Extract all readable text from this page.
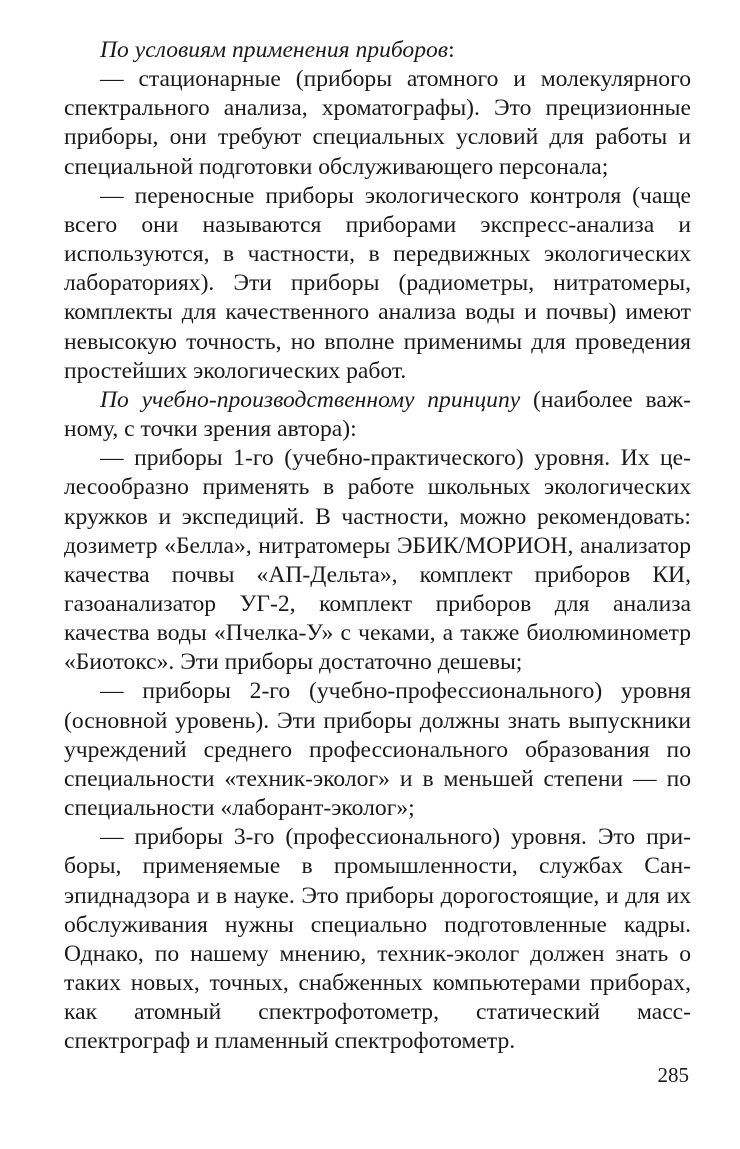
По условиям применения приборов:

— стационарные (приборы атомного и молекулярного спектрального анализа, хроматографы). Это прецизионные приборы, они требуют специальных условий для работы и специальной подготовки обслуживающего персонала;

— переносные приборы экологического контроля (чаще всего они называются приборами экспресс-анализа и используются, в частности, в передвижных экологических лабораториях). Эти приборы (радиометры, нитратомеры, комплекты для качественного анализа воды и почвы) имеют невысокую точность, но вполне применимы для проведения простейших экологических работ.

По учебно-производственному принципу (наиболее важному, с точки зрения автора):

— приборы 1-го (учебно-практического) уровня. Их целесообразно применять в работе школьных экологических кружков и экспедиций. В частности, можно рекомендовать: дозиметр «Белла», нитратомеры ЭБИК/МОРИОН, анализатор качества почвы «АП-Дельта», комплект приборов КИ, газоанализатор УГ-2, комплект приборов для анализа качества воды «Пчелка-У» с чеками, а также биолюминометр «Биотокс». Эти приборы достаточно дешевы;

— приборы 2-го (учебно-профессионального) уровня (основной уровень). Эти приборы должны знать выпускники учреждений среднего профессионального образования по специальности «техник-эколог» и в меньшей степени — по специальности «лаборант-эколог»;

— приборы 3-го (профессионального) уровня. Это приборы, применяемые в промышленности, службах Санэпиднадзора и в науке. Это приборы дорогостоящие, и для их обслуживания нужны специально подготовленные кадры. Однако, по нашему мнению, техник-эколог должен знать о таких новых, точных, снабженных компьютерами приборах, как атомный спектрофотометр, статический масс-спектрограф и пламенный спектрофотометр.

285
